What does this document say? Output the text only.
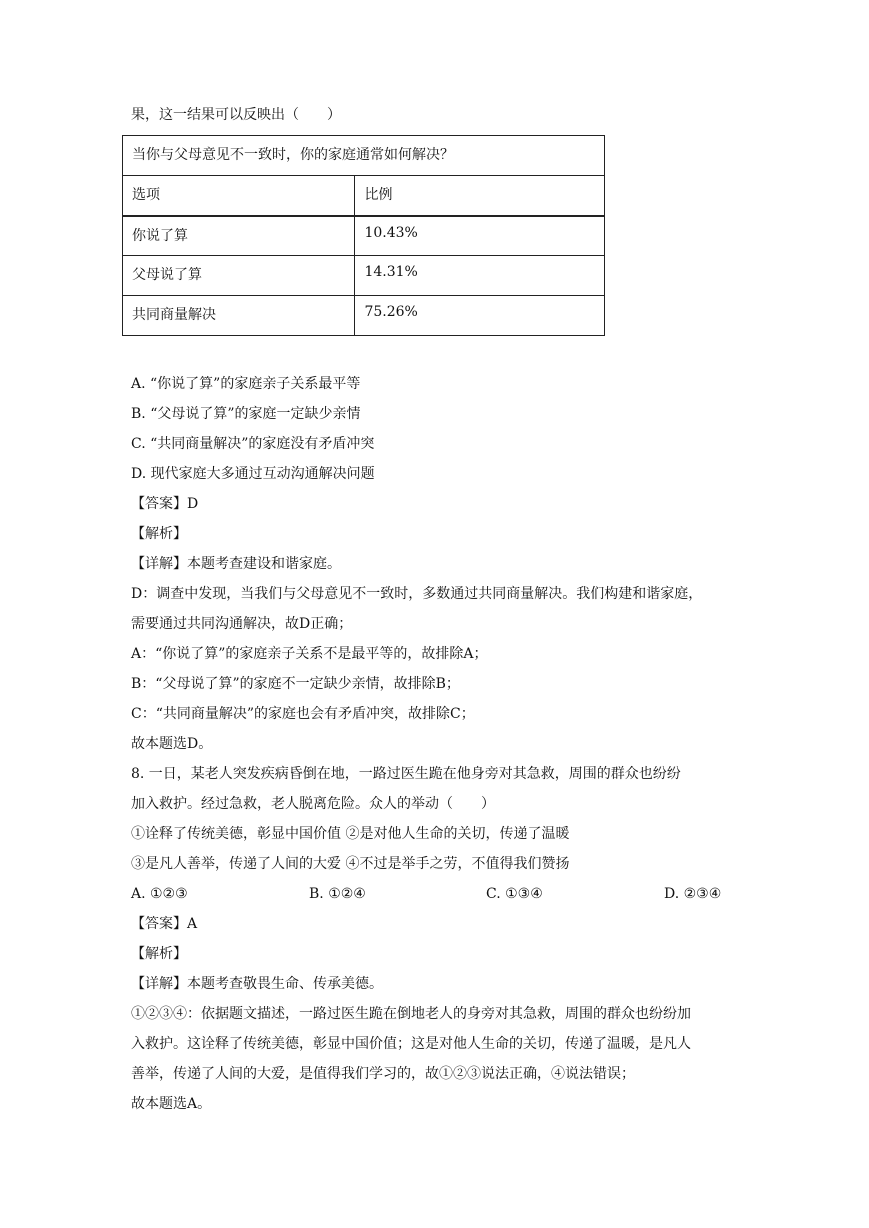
果，这一结果可以反映出（　　）
当你与父母意见不一致时，你的家庭通常如何解决？	
选项	比例
你说了算	10.43%
父母说了算	14.31%
共同商量解决	75.26%
A. “你说了算”的家庭亲子关系最平等
B. “父母说了算”的家庭一定缺少亲情
C. “共同商量解决”的家庭没有矛盾冲突
D. 现代家庭大多通过互动沟通解决问题
【答案】D
【解析】
【详解】本题考查建设和谐家庭。
D：调查中发现，当我们与父母意见不一致时，多数通过共同商量解决。我们构建和谐家庭，
需要通过共同沟通解决，故D正确；
A：“你说了算”的家庭亲子关系不是最平等的，故排除A；
B：“父母说了算”的家庭不一定缺少亲情，故排除B；
C：“共同商量解决”的家庭也会有矛盾冲突，故排除C；
故本题选D。
8. 一日，某老人突发疾病昏倒在地，一路过医生跪在他身旁对其急救，周围的群众也纷纷
加入救护。经过急救，老人脱离危险。众人的举动（　　）
①诠释了传统美德，彰显中国价值 ②是对他人生命的关切，传递了温暖
③是凡人善举，传递了人间的大爱 ④不过是举手之劳，不值得我们赞扬
A. ①②③	B. ①②④	C. ①③④	D. ②③④
【答案】A
【解析】
【详解】本题考查敬畏生命、传承美德。
①②③④：依据题文描述，一路过医生跪在倒地老人的身旁对其急救，周围的群众也纷纷加
入救护。这诠释了传统美德，彰显中国价值；这是对他人生命的关切，传递了温暖，是凡人
善举，传递了人间的大爱，是值得我们学习的，故①②③说法正确，④说法错误；
故本题选A。
